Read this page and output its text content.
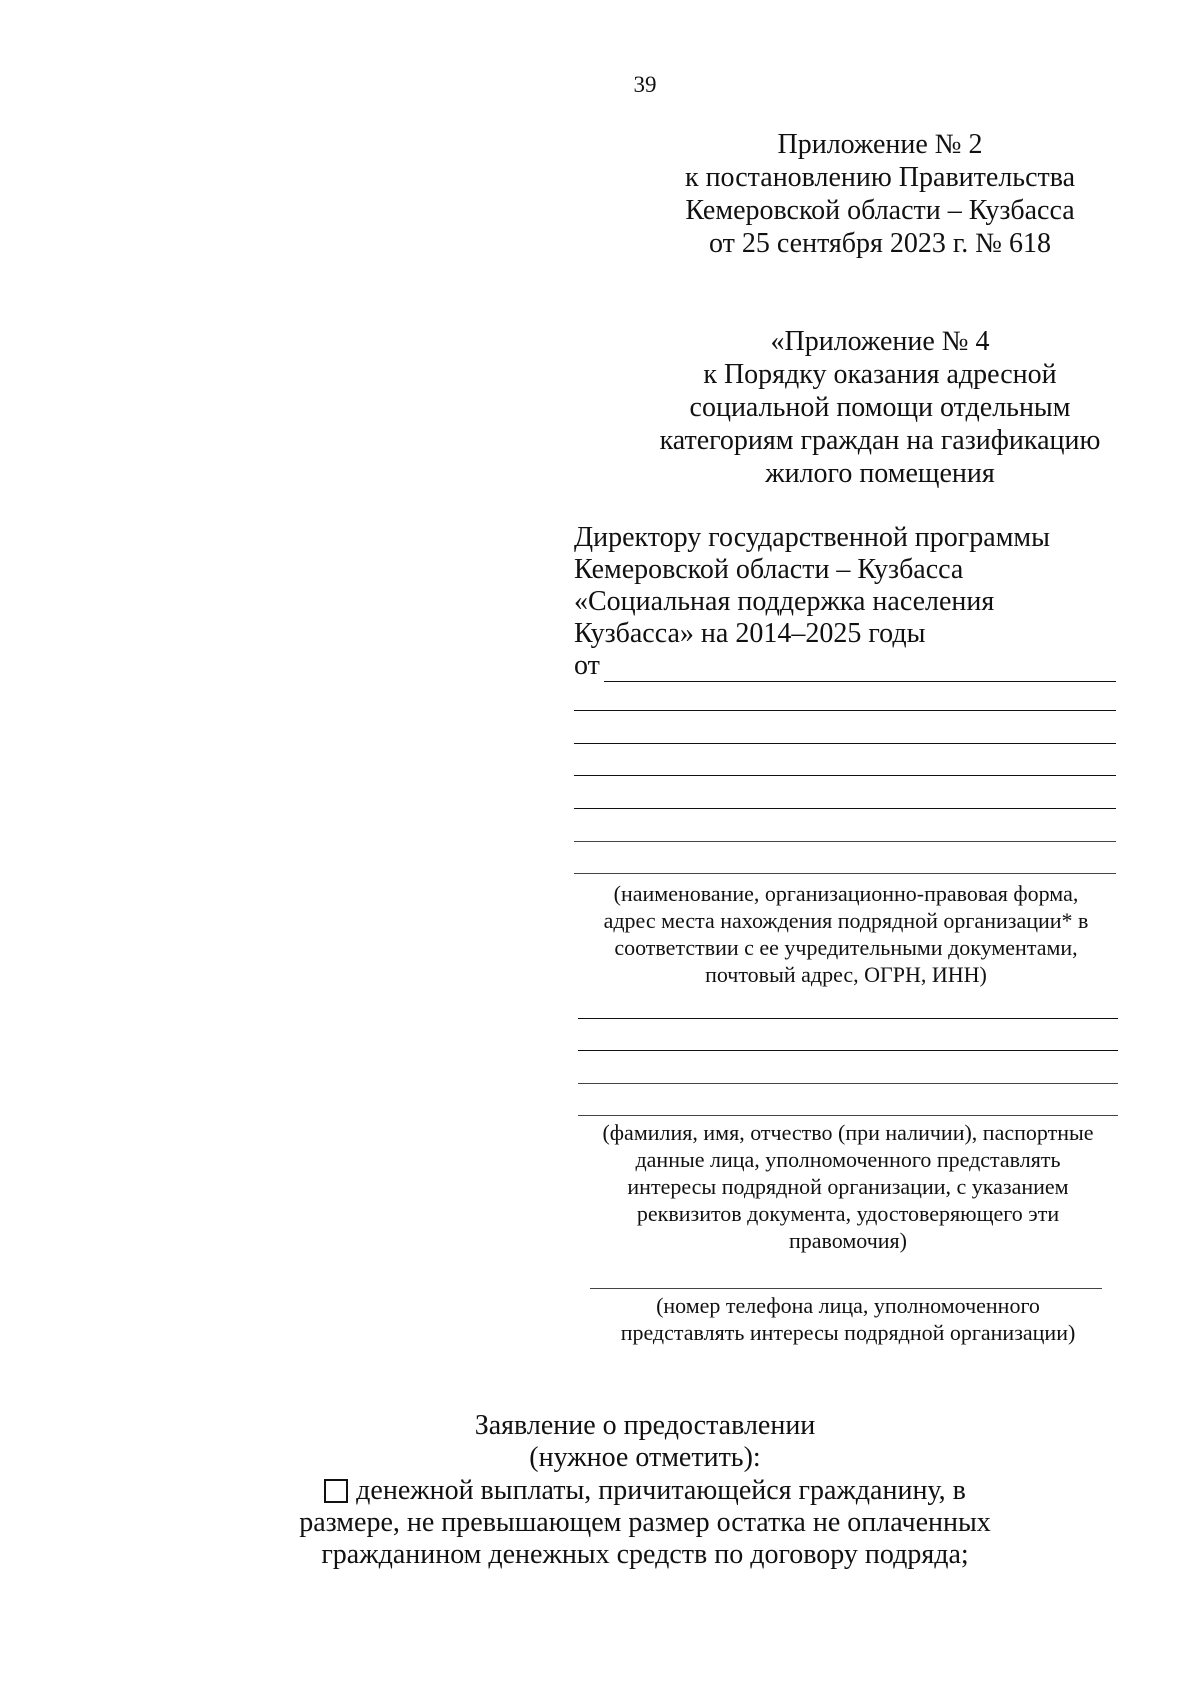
39
Приложение № 2
к постановлению Правительства
Кемеровской области – Кузбасса
от 25 сентября 2023 г. № 618
«Приложение № 4
к Порядку оказания адресной
социальной помощи отдельным
категориям граждан на газификацию
жилого помещения
Директору государственной программы
Кемеровской области – Кузбасса
«Социальная поддержка населения
Кузбасса» на 2014–2025 годы
от
(наименование, организационно-правовая форма,
адрес места нахождения подрядной организации* в
соответствии с ее учредительными документами,
почтовый адрес, ОГРН, ИНН)
(фамилия, имя, отчество (при наличии), паспортные
данные лица, уполномоченного представлять
интересы подрядной организации, с указанием
реквизитов документа, удостоверяющего эти
правомочия)
(номер телефона лица, уполномоченного
представлять интересы подрядной организации)
Заявление о предоставлении
(нужное отметить):
денежной выплаты, причитающейся гражданину, в
размере, не превышающем размер остатка не оплаченных
гражданином денежных средств по договору подряда;
